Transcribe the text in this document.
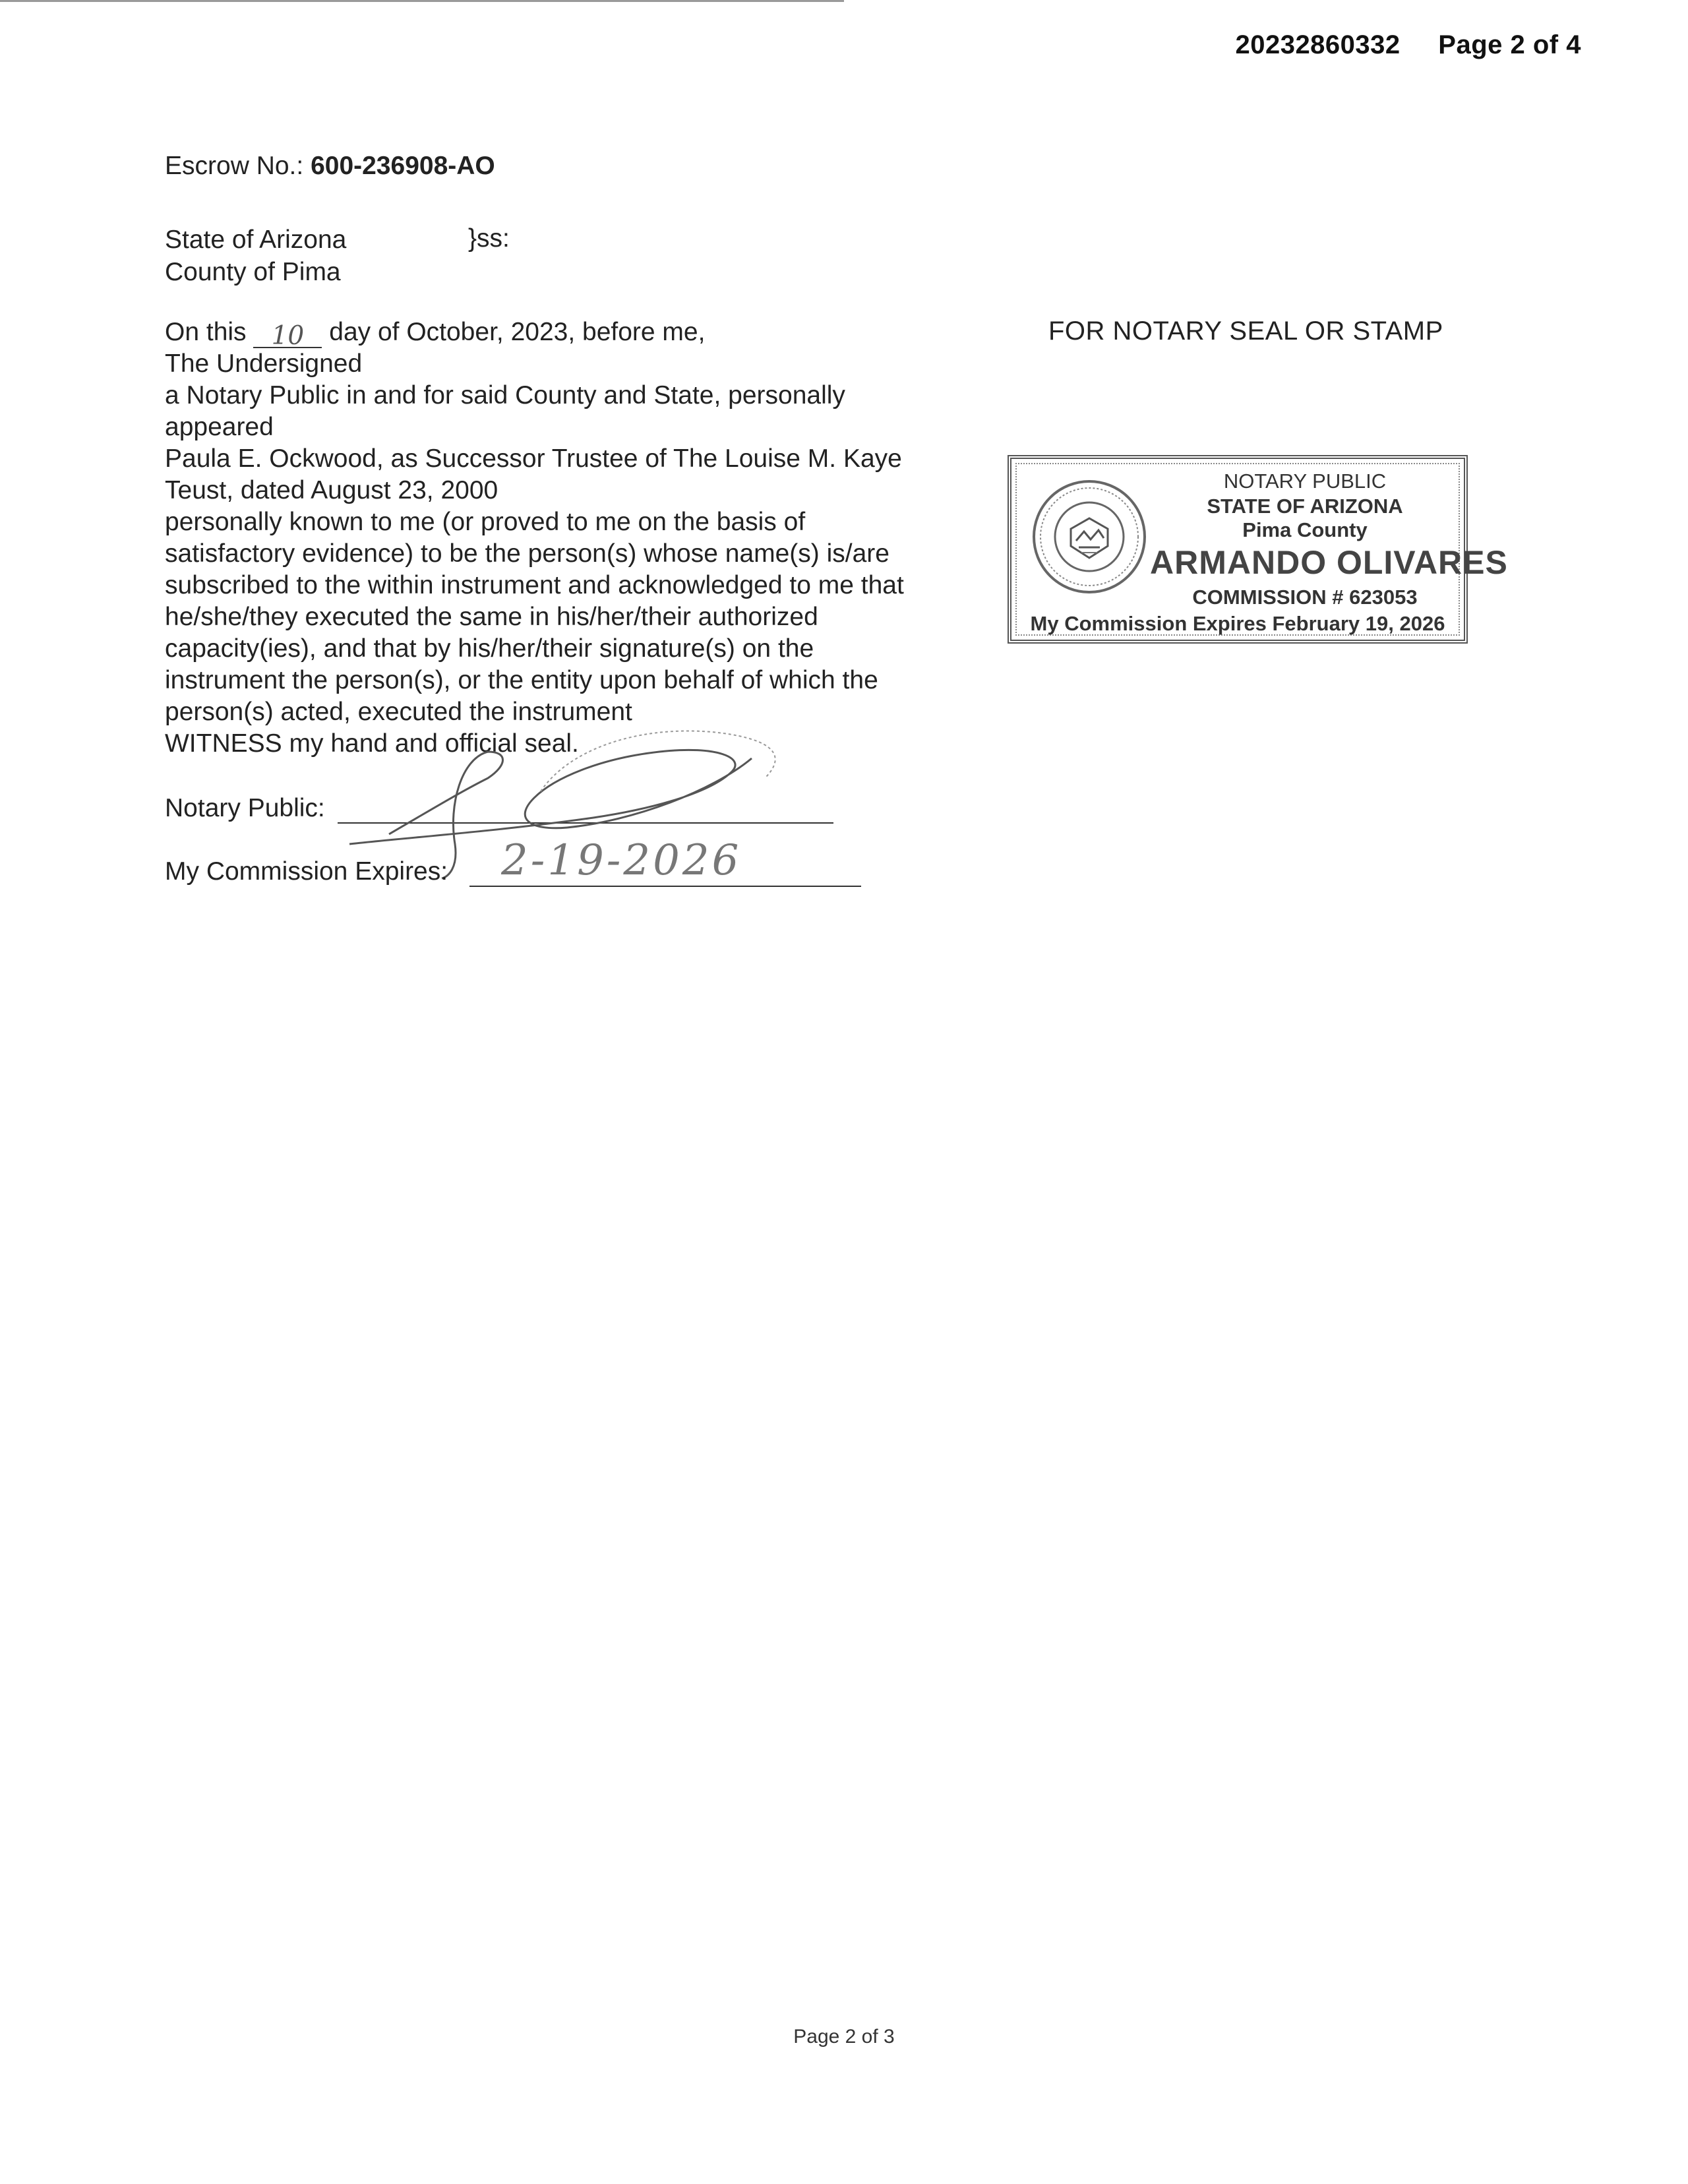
20232860332 Page 2 of 4
Escrow No.: 600-236908-AO
State of Arizona	}ss:
County of Pima
On this 10 day of October, 2023, before me,
The Undersigned
a Notary Public in and for said County and State, personally
appeared
Paula E. Ockwood, as Successor Trustee of The Louise M. Kaye
Teust, dated August 23, 2000
personally known to me (or proved to me on the basis of
satisfactory evidence) to be the person(s) whose name(s) is/are
subscribed to the within instrument and acknowledged to me that
he/she/they executed the same in his/her/their authorized
capacity(ies), and that by his/her/their signature(s) on the
instrument the person(s), or the entity upon behalf of which the
person(s) acted, executed the instrument
WITNESS my hand and official seal.
FOR NOTARY SEAL OR STAMP
NOTARY PUBLIC
STATE OF ARIZONA
Pima County
ARMANDO OLIVARES
COMMISSION # 623053
My Commission Expires February 19, 2026
Notary Public:
My Commission Expires: 2-19-2026
Page 2 of 3
